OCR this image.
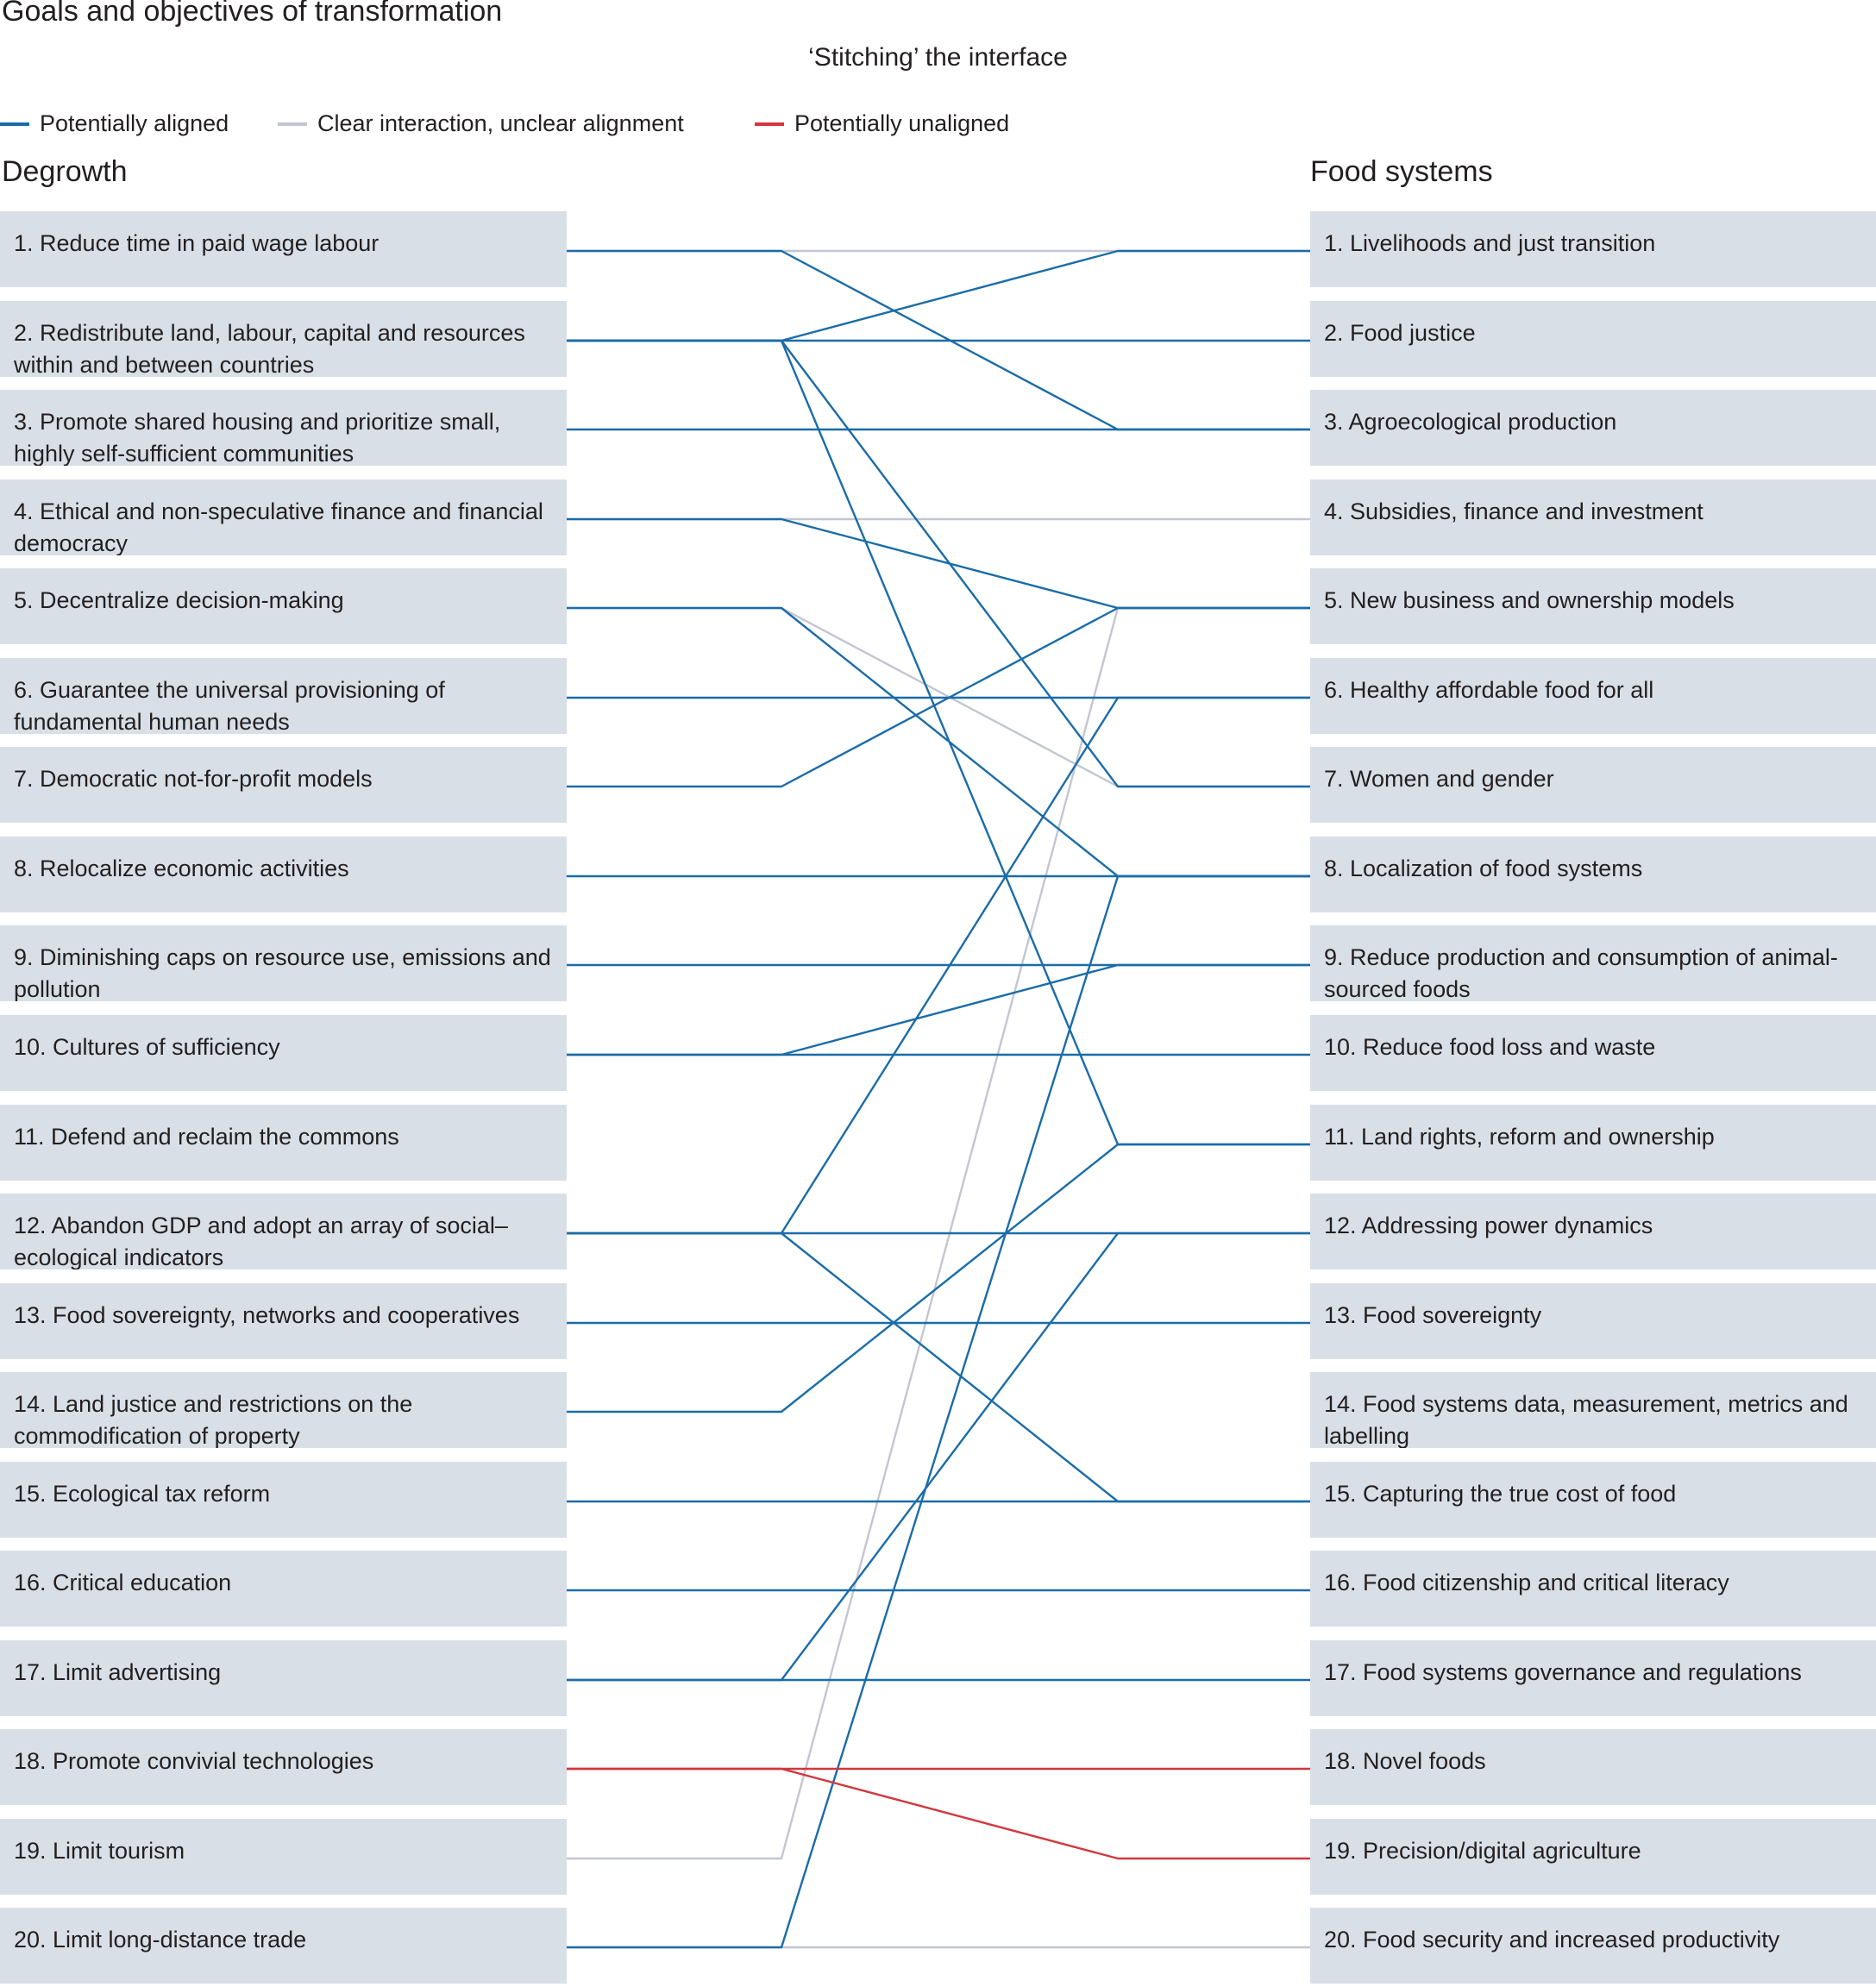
Goals and objectives of transformation
‘Stitching’ the interface
Potentially aligned	Clear interaction, unclear alignment	Potentially unaligned
Degrowth	Food systems
1. Reduce time in paid wage labour
2. Redistribute land, labour, capital and resources within and between countries
3. Promote shared housing and prioritize small, highly self-sufficient communities
4. Ethical and non-speculative finance and financial democracy
5. Decentralize decision-making
6. Guarantee the universal provisioning of fundamental human needs
7. Democratic not-for-profit models
8. Relocalize economic activities
9. Diminishing caps on resource use, emissions and pollution
10. Cultures of sufficiency
11. Defend and reclaim the commons
12. Abandon GDP and adopt an array of social–ecological indicators
13. Food sovereignty, networks and cooperatives
14. Land justice and restrictions on the commodification of property
15. Ecological tax reform
16. Critical education
17. Limit advertising
18. Promote convivial technologies
19. Limit tourism
20. Limit long-distance trade
1. Livelihoods and just transition
2. Food justice
3. Agroecological production
4. Subsidies, finance and investment
5. New business and ownership models
6. Healthy affordable food for all
7. Women and gender
8. Localization of food systems
9. Reduce production and consumption of animal-sourced foods
10. Reduce food loss and waste
11. Land rights, reform and ownership
12. Addressing power dynamics
13. Food sovereignty
14. Food systems data, measurement, metrics and labelling
15. Capturing the true cost of food
16. Food citizenship and critical literacy
17. Food systems governance and regulations
18. Novel foods
19. Precision/digital agriculture
20. Food security and increased productivity
